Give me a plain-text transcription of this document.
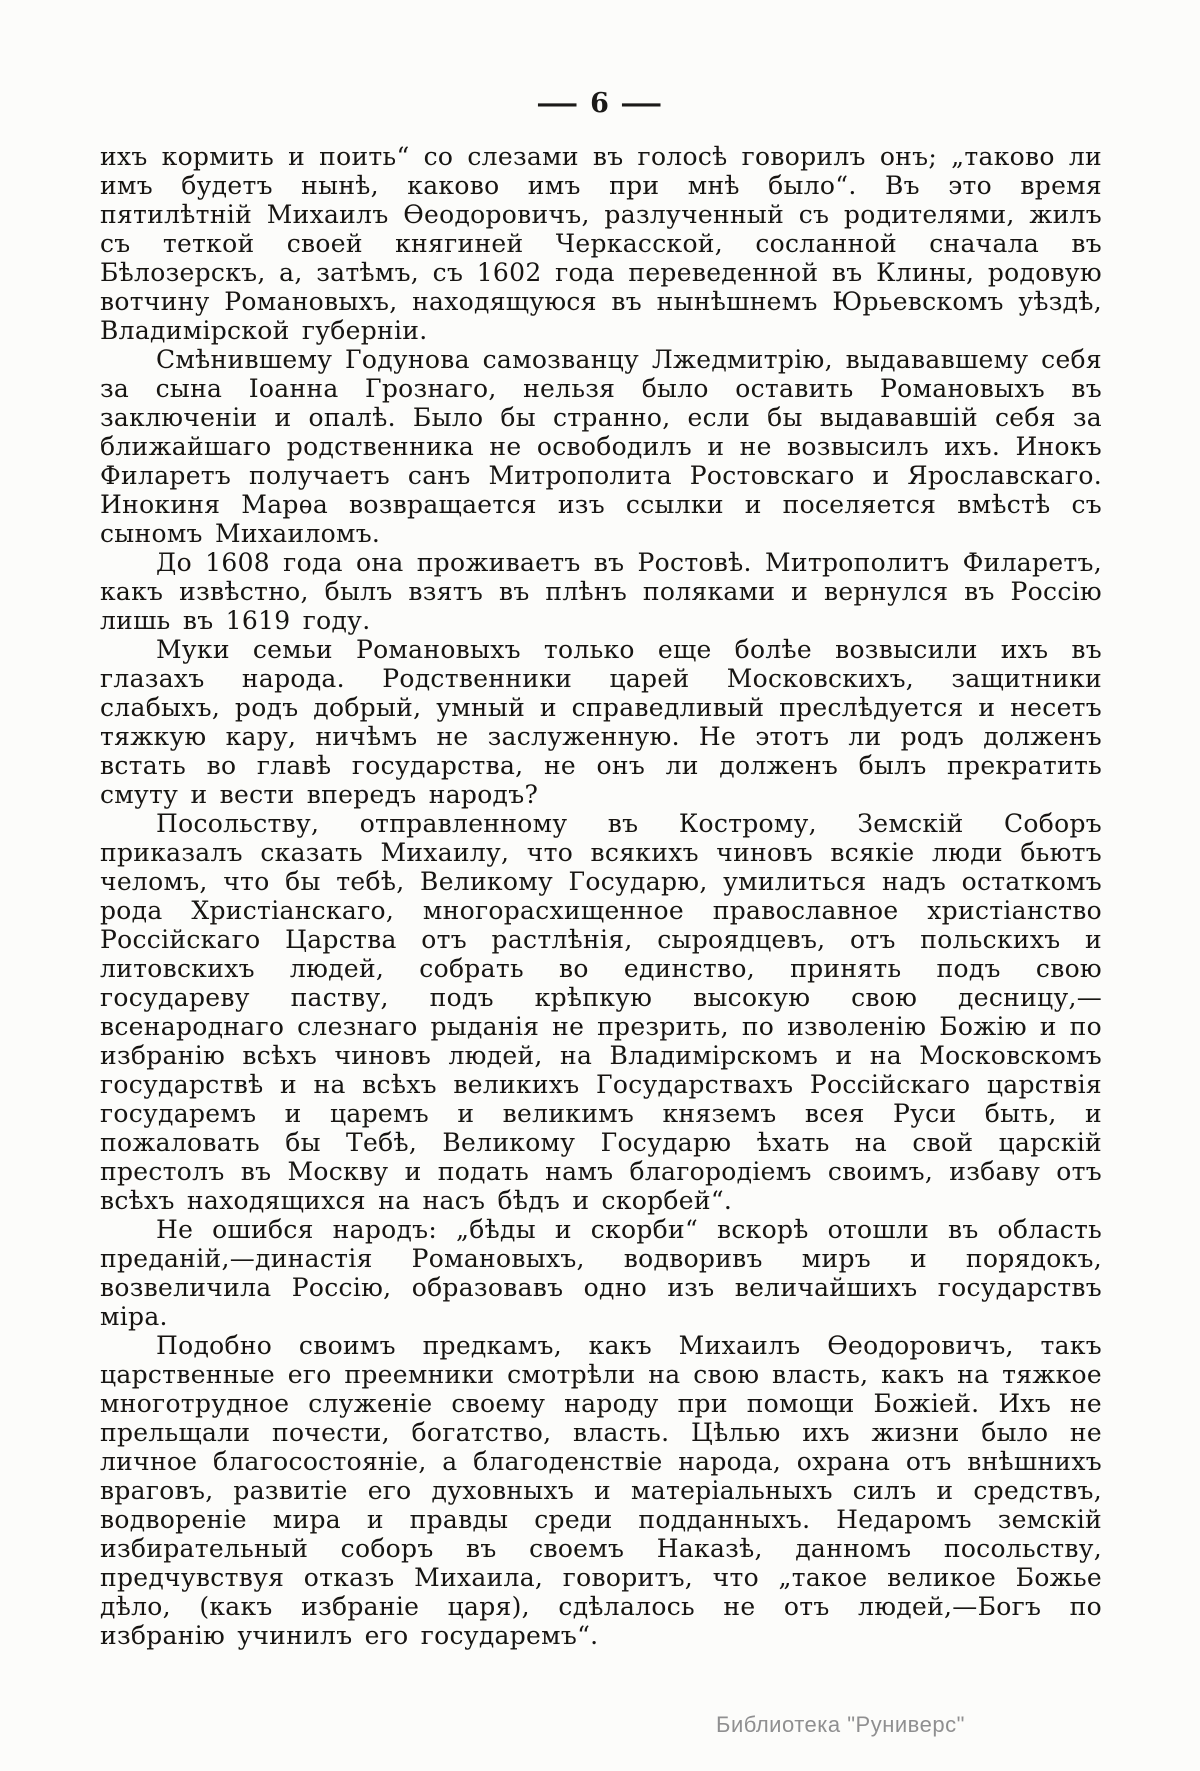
— 6 —

ихъ кормить и поить“ со слезами въ голосѣ говорилъ онъ; „таково ли имъ будетъ нынѣ, каково имъ при мнѣ было“. Въ это время пятилѣтній Михаилъ Ѳеодоровичъ, разлученный съ родителями, жилъ съ теткой своей княгиней Черкасской, сосланной сначала въ Бѣлозерскъ, а, затѣмъ, съ 1602 года переведенной въ Клины, родовую вотчину Романовыхъ, находящуюся въ нынѣшнемъ Юрьевскомъ уѣздѣ, Владимірской губерніи.

Смѣнившему Годунова самозванцу Лжедмитрію, выдававшему себя за сына Іоанна Грознаго, нельзя было оставить Романовыхъ въ заключеніи и опалѣ. Было бы странно, если бы выдававшій себя за ближайшаго родственника не освободилъ и не возвысилъ ихъ. Инокъ Филаретъ получаетъ санъ Митрополита Ростовскаго и Ярославскаго. Инокиня Марѳа возвращается изъ ссылки и поселяется вмѣстѣ съ сыномъ Михаиломъ.

До 1608 года она проживаетъ въ Ростовѣ. Митрополитъ Филаретъ, какъ извѣстно, былъ взятъ въ плѣнъ поляками и вернулся въ Россію лишь въ 1619 году.

Муки семьи Романовыхъ только еще болѣе возвысили ихъ въ глазахъ народа. Родственники царей Московскихъ, защитники слабыхъ, родъ добрый, умный и справедливый преслѣдуется и несетъ тяжкую кару, ничѣмъ не заслуженную. Не этотъ ли родъ долженъ встать во главѣ государства, не онъ ли долженъ былъ прекратить смуту и вести впередъ народъ?

Посольству, отправленному въ Кострому, Земскій Соборъ приказалъ сказать Михаилу, что всякихъ чиновъ всякіе люди бьютъ челомъ, что бы тебѣ, Великому Государю, умилиться надъ остаткомъ рода Христіанскаго, многорасхищенное православное христіанство Россійскаго Царства отъ растлѣнія, сыроядцевъ, отъ польскихъ и литовскихъ людей, собрать во единство, принять подъ свою государеву паству, подъ крѣпкую высокую свою десницу,—всенароднаго слезнаго рыданія не презрить, по изволенію Божію и по избранію всѣхъ чиновъ людей, на Владимірскомъ и на Московскомъ государствѣ и на всѣхъ великихъ Государствахъ Россійскаго царствія государемъ и царемъ и великимъ княземъ всея Руси быть, и пожаловать бы Тебѣ, Великому Государю ѣхать на свой царскій престолъ въ Москву и подать намъ благородіемъ своимъ, избаву отъ всѣхъ находящихся на насъ бѣдъ и скорбей“.

Не ошибся народъ: „бѣды и скорби“ вскорѣ отошли въ область преданій,—династія Романовыхъ, водворивъ миръ и порядокъ, возвеличила Россію, образовавъ одно изъ величайшихъ государствъ міра.

Подобно своимъ предкамъ, какъ Михаилъ Ѳеодоровичъ, такъ царственные его преемники смотрѣли на свою власть, какъ на тяжкое многотрудное служеніе своему народу при помощи Божіей. Ихъ не прельщали почести, богатство, власть. Цѣлью ихъ жизни было не личное благосостояніе, а благоденствіе народа, охрана отъ внѣшнихъ враговъ, развитіе его духовныхъ и матеріальныхъ силъ и средствъ, водвореніе мира и правды среди подданныхъ. Недаромъ земскій избирательный соборъ въ своемъ Наказѣ, данномъ посольству, предчувствуя отказъ Михаила, говоритъ, что „такое великое Божье дѣло, (какъ избраніе царя), сдѣлалось не отъ людей,—Богъ по избранію учинилъ его государемъ“.

Библиотека "Руниверс"
